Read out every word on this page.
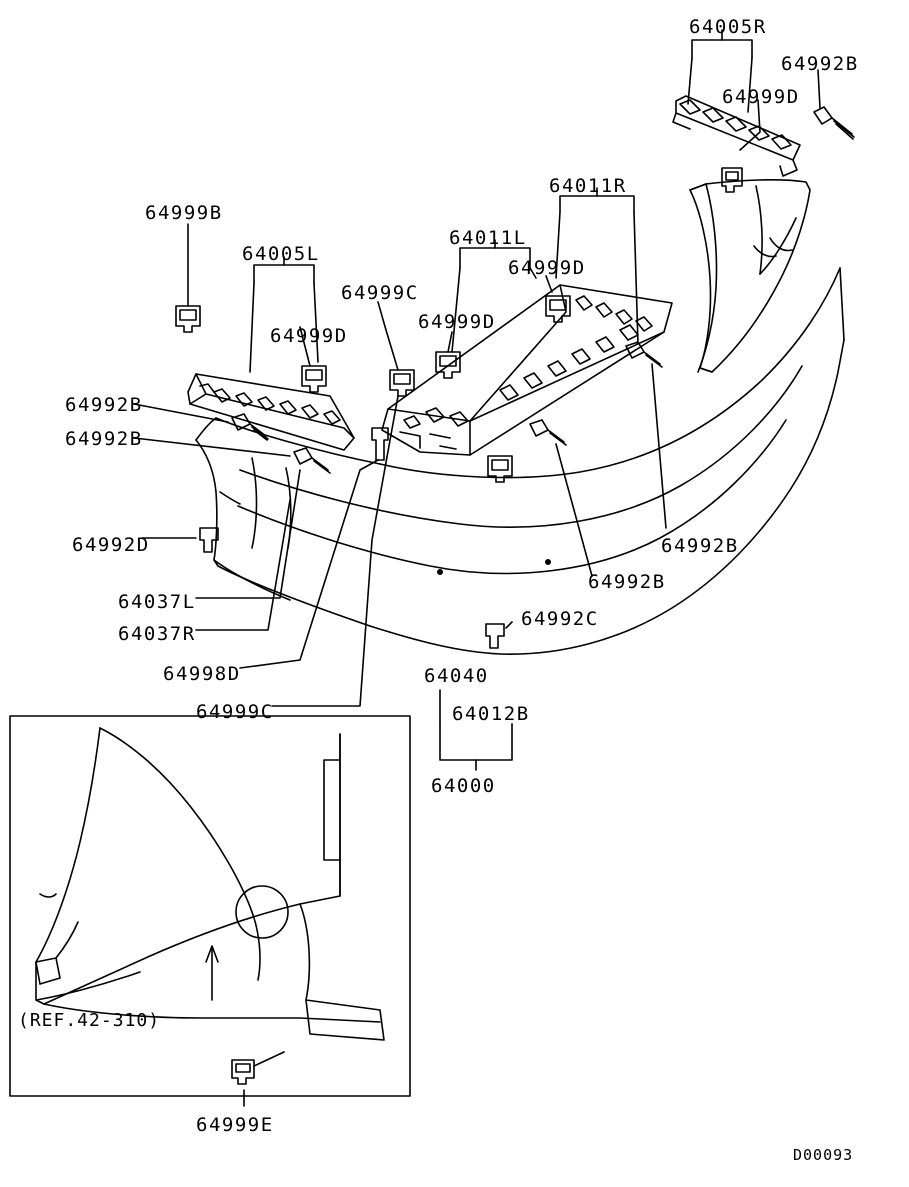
64005R
64992B
64999D
64011R
64999B
64005L
64011L
64999D
64999C
64999D
64999D
64992B
64992B
64992D
64037L
64037R
64998D
64999C
64992B
64992B
64992C
64040
64012B
64000
64999E
(REF.42-310)
D00093
